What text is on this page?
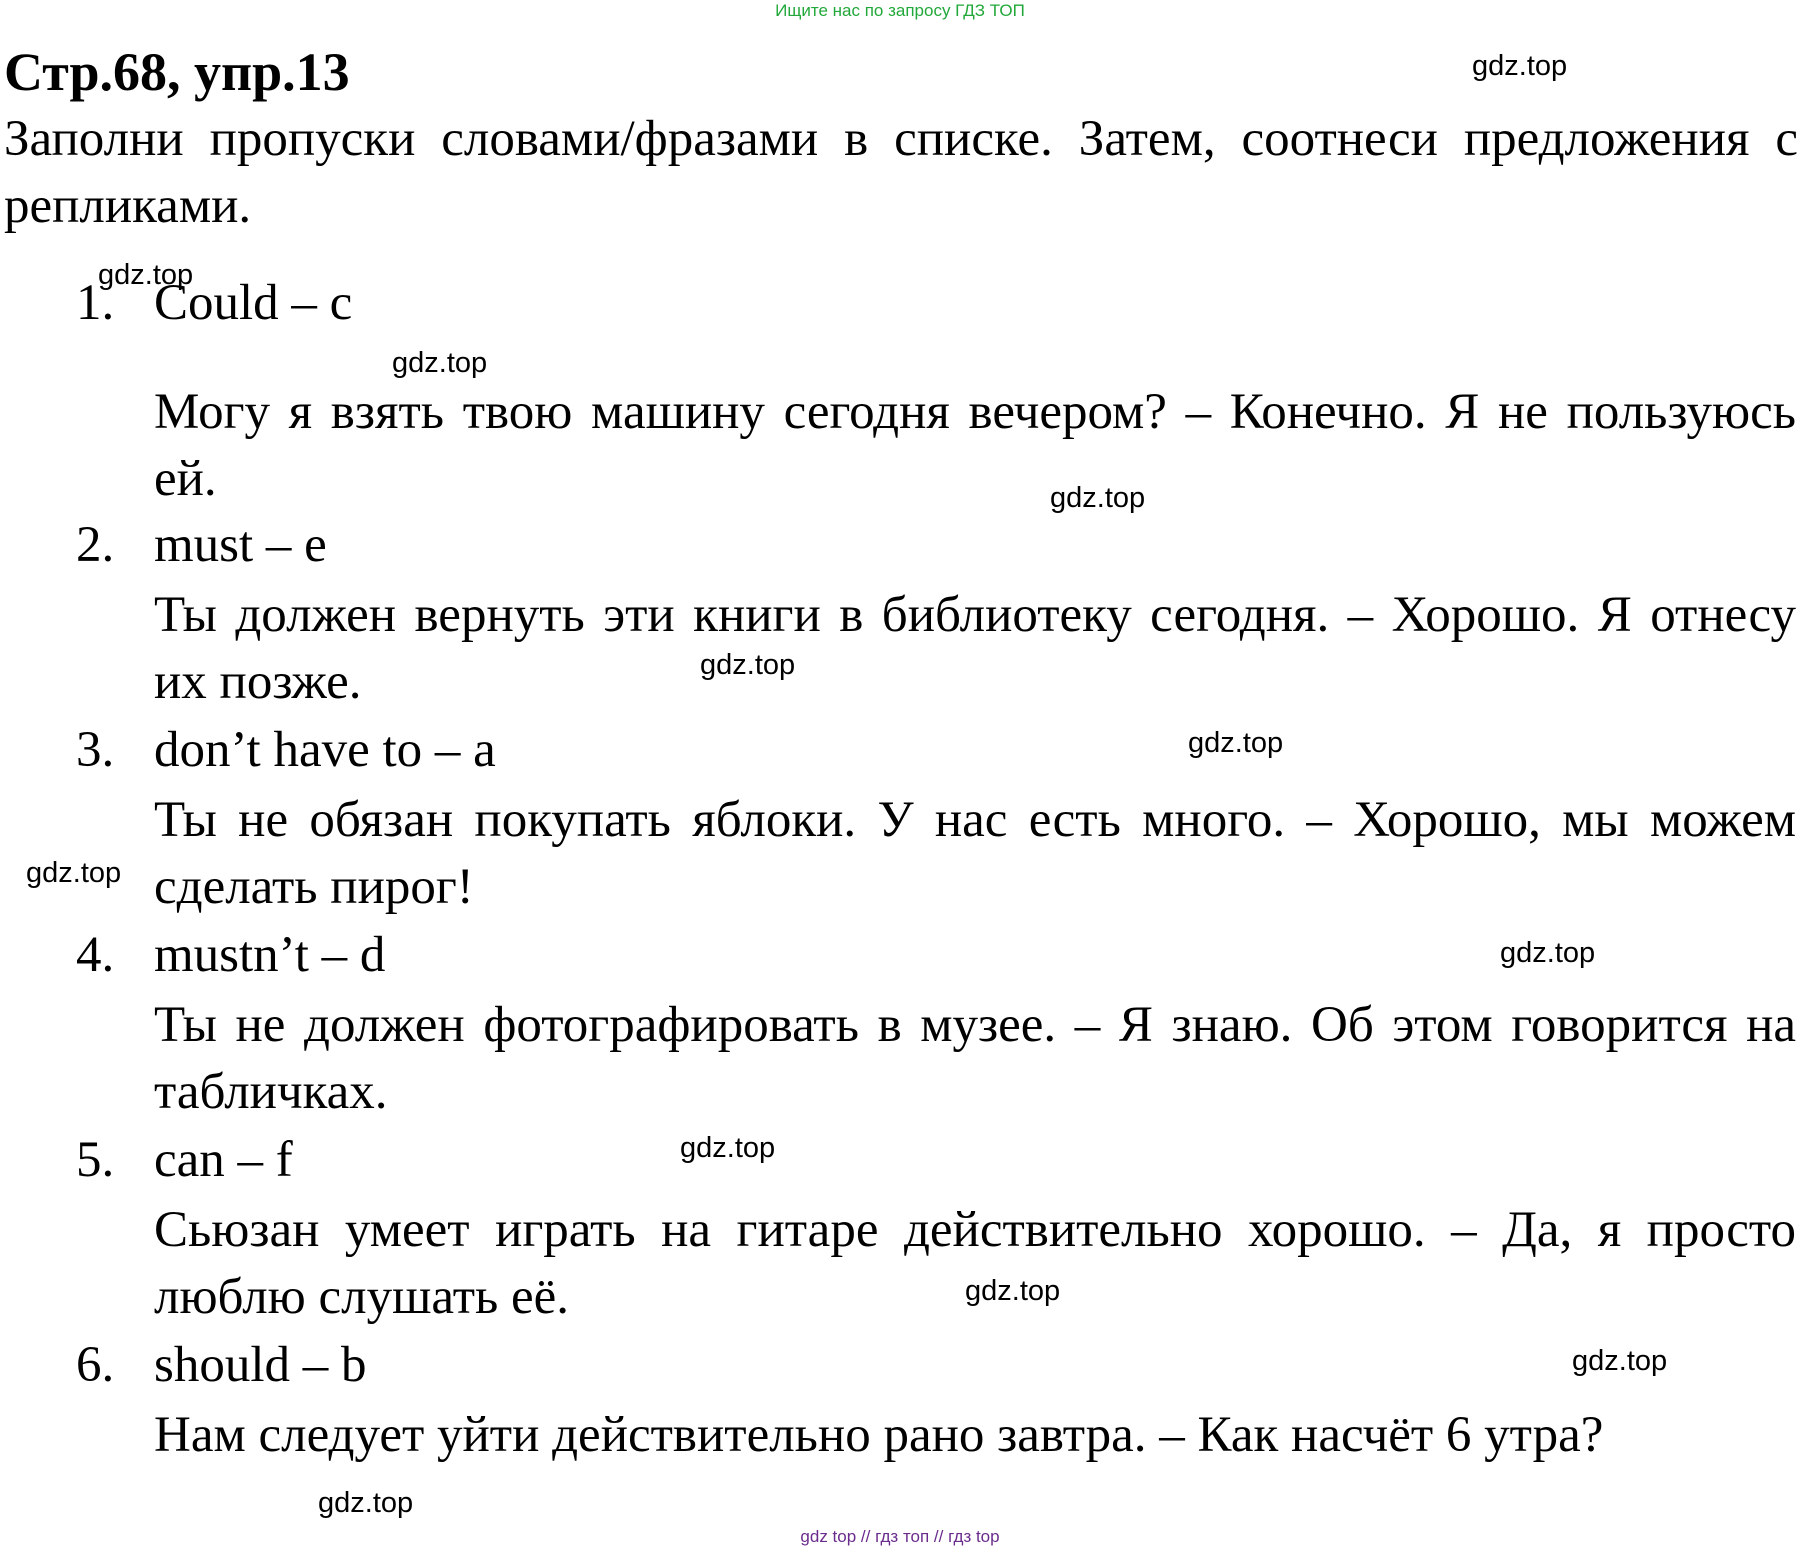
Ищите нас по запросу ГДЗ ТОП
Стр.68, упр.13

Заполни пропуски словами/фразами в списке. Затем, соотнеси предложения с репликами.

1. Could – c

Могу я взять твою машину сегодня вечером? – Конечно. Я не пользуюсь ей.

2. must – e

Ты должен вернуть эти книги в библиотеку сегодня. – Хорошо. Я отнесу их позже.

3. don’t have to – a

Ты не обязан покупать яблоки. У нас есть много. – Хорошо, мы можем сделать пирог!

4. mustn’t – d

Ты не должен фотографировать в музее. – Я знаю. Об этом говорится на табличках.

5. can – f

Сьюзан умеет играть на гитаре действительно хорошо. – Да, я просто люблю слушать её.

6. should – b

Нам следует уйти действительно рано завтра. – Как насчёт 6 утра?

gdz.top
gdz.top
gdz.top
gdz.top
gdz.top
gdz.top
gdz.top
gdz.top
gdz.top
gdz.top
gdz.top
gdz.top
gdz top // гдз топ // гдз top
